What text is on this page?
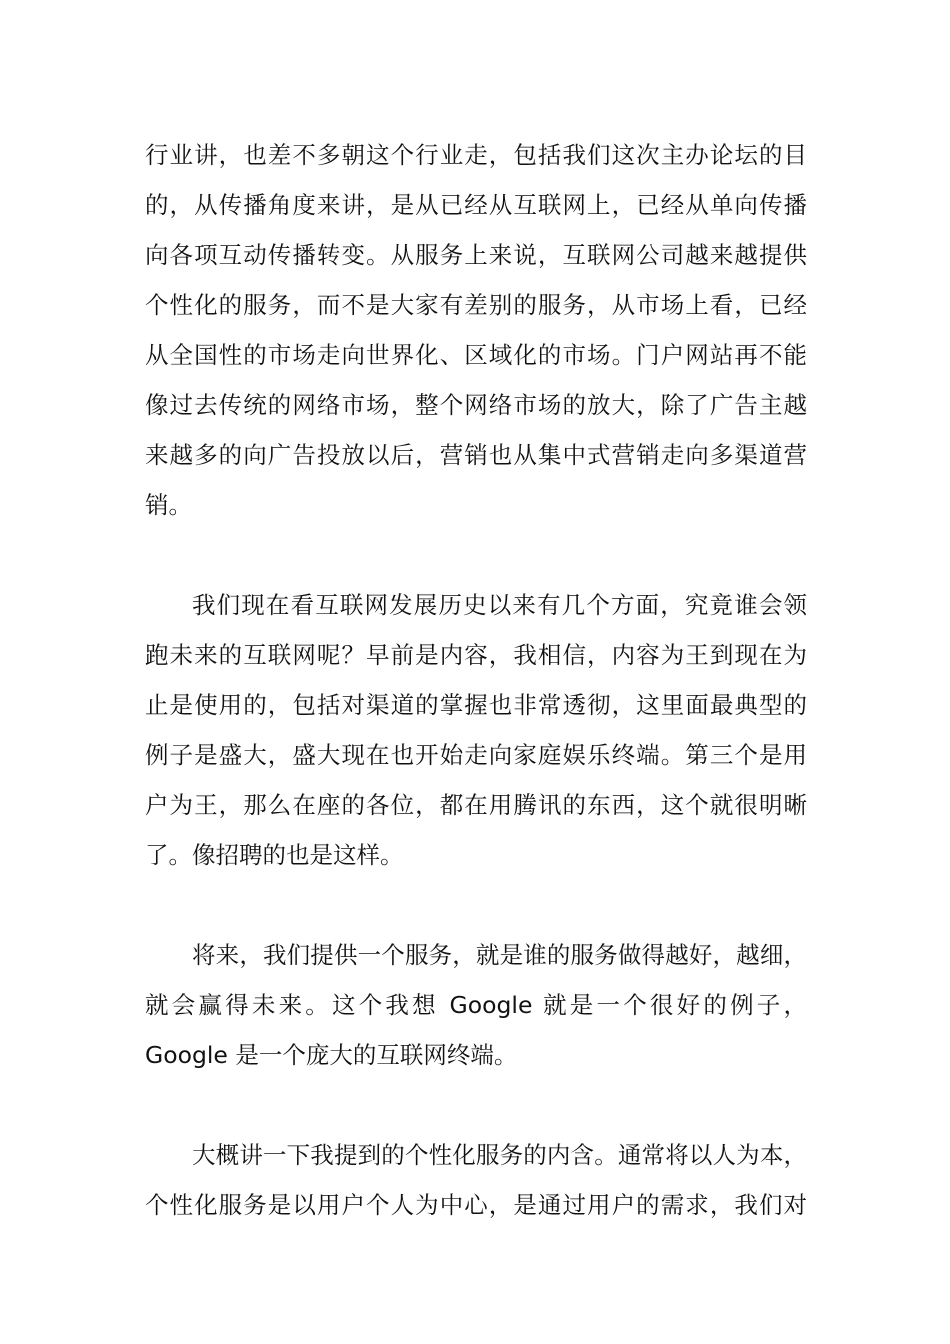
行业讲，也差不多朝这个行业走，包括我们这次主办论坛的目

的，从传播角度来讲，是从已经从互联网上，已经从单向传播

向各项互动传播转变。从服务上来说，互联网公司越来越提供

个性化的服务，而不是大家有差别的服务，从市场上看，已经

从全国性的市场走向世界化、区域化的市场。门户网站再不能

像过去传统的网络市场，整个网络市场的放大，除了广告主越

来越多的向广告投放以后，营销也从集中式营销走向多渠道营

销。

我们现在看互联网发展历史以来有几个方面，究竟谁会领

跑未来的互联网呢？早前是内容，我相信，内容为王到现在为

止是使用的，包括对渠道的掌握也非常透彻，这里面最典型的

例子是盛大，盛大现在也开始走向家庭娱乐终端。第三个是用

户为王，那么在座的各位，都在用腾讯的东西，这个就很明晰

了。像招聘的也是这样。

将来，我们提供一个服务，就是谁的服务做得越好，越细，

就会赢得未来。这个我想 Google 就是一个很好的例子，

Google 是一个庞大的互联网终端。

大概讲一下我提到的个性化服务的内含。通常将以人为本，

个性化服务是以用户个人为中心，是通过用户的需求，我们对
